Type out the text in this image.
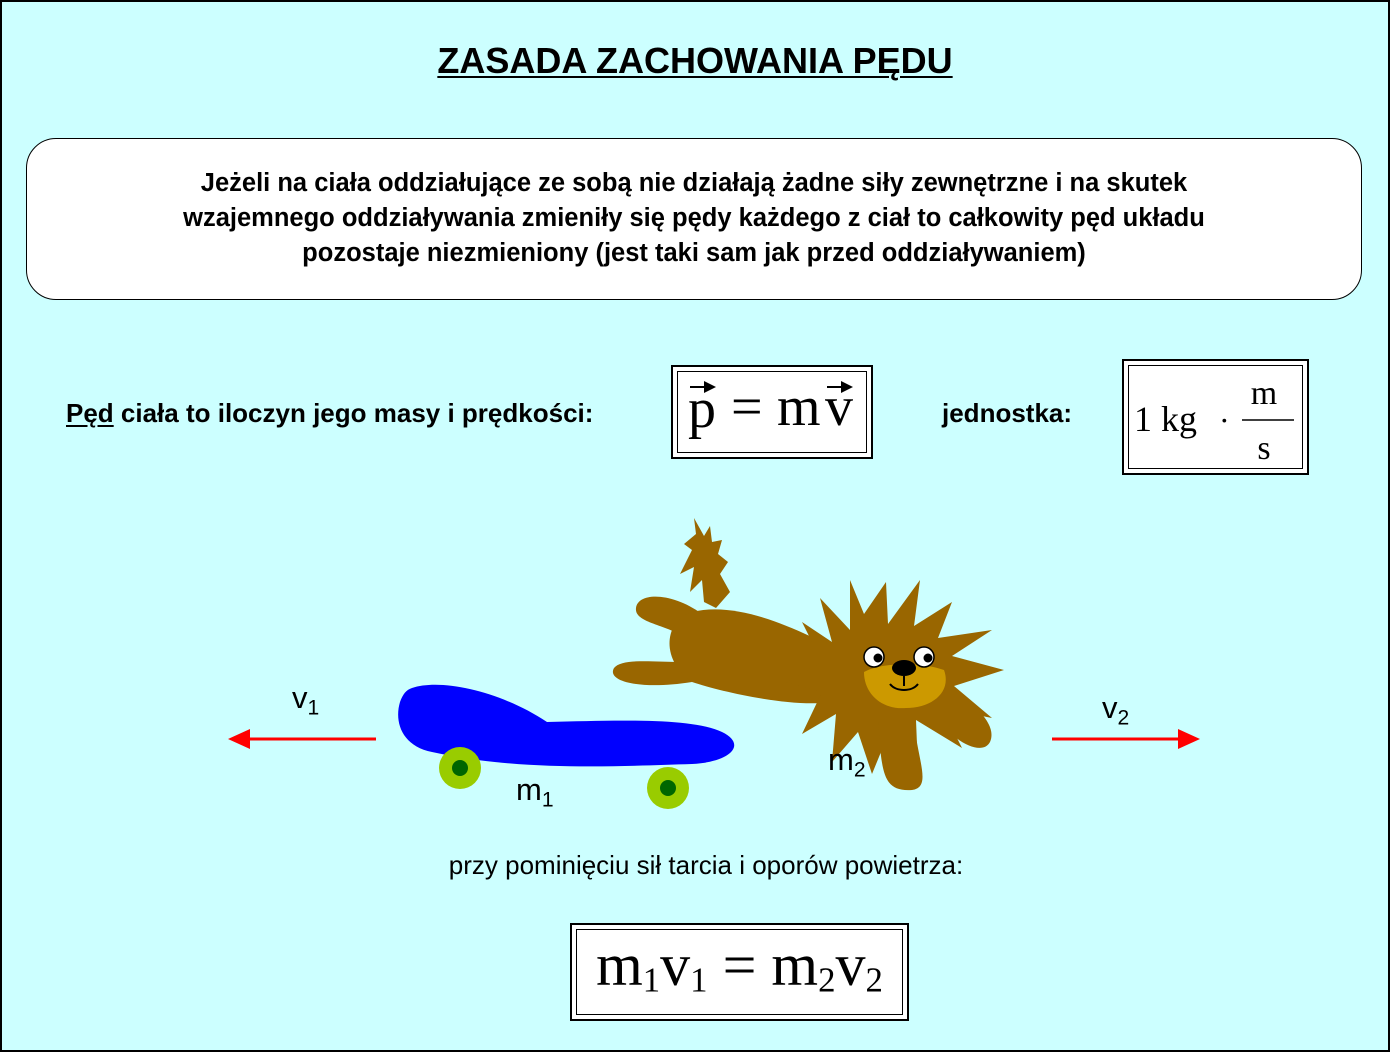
ZASADA ZACHOWANIA PĘDU
Jeżeli na ciała oddziałujące ze sobą nie działają żadne siły zewnętrzne i na skutek
wzajemnego oddziaływania zmieniły się pędy każdego z ciał to całkowity pęd układu
pozostaje niezmieniony (jest taki sam jak przed oddziaływaniem)
Pęd ciała to iloczyn jego masy i prędkości: p = m v	jednostka: 1 kg ·
m
s
$v_1$	$v_2$
$m_1$
$m_2$
przy pominięciu sił tarcia i oporów powietrza:
$m_1v_1 = m_2v_2$
